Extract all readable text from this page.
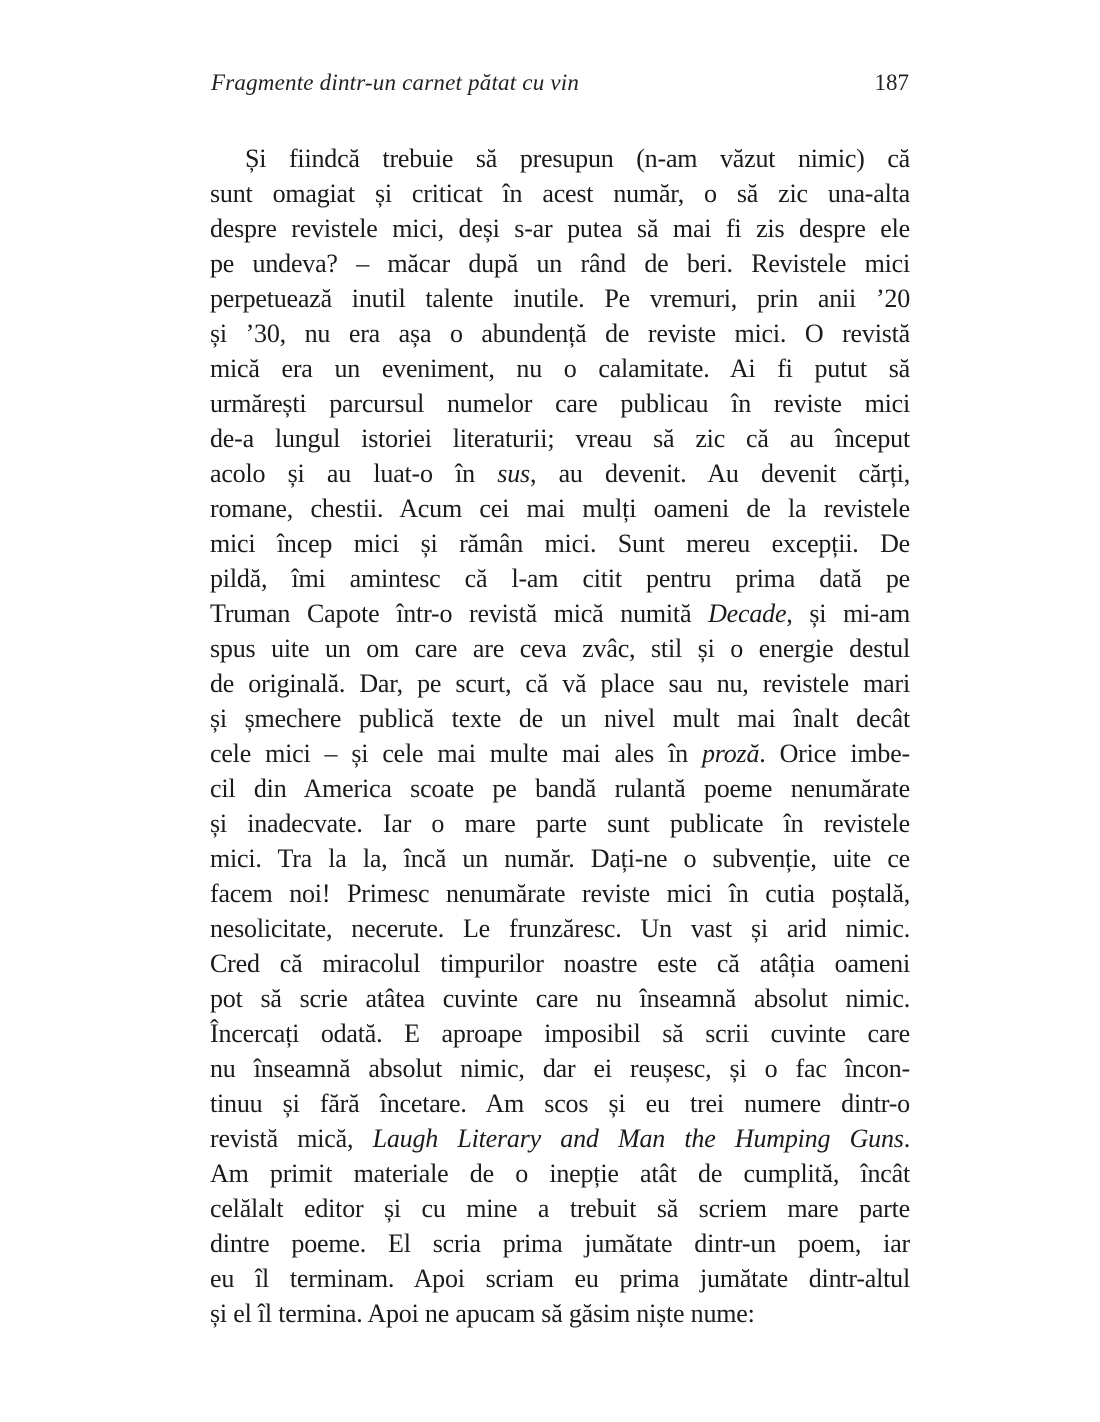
Fragmente dintr-un carnet pătat cu vin	187
Și fiindcă trebuie să presupun (n-am văzut nimic) că
sunt omagiat și criticat în acest număr, o să zic una-alta
despre revistele mici, deși s-ar putea să mai fi zis despre ele
pe undeva? – măcar după un rând de beri. Revistele mici
perpetuează inutil talente inutile. Pe vremuri, prin anii ’20
și ’30, nu era așa o abundență de reviste mici. O revistă
mică era un eveniment, nu o calamitate. Ai fi putut să
urmărești parcursul numelor care publicau în reviste mici
de-a lungul istoriei literaturii; vreau să zic că au început
acolo și au luat-o în sus, au devenit. Au devenit cărți,
romane, chestii. Acum cei mai mulți oameni de la revistele
mici încep mici și rămân mici. Sunt mereu excepții. De
pildă, îmi amintesc că l-am citit pentru prima dată pe
Truman Capote într-o revistă mică numită Decade, și mi-am
spus uite un om care are ceva zvâc, stil și o energie destul
de originală. Dar, pe scurt, că vă place sau nu, revistele mari
și șmechere publică texte de un nivel mult mai înalt decât
cele mici – și cele mai multe mai ales în proză. Orice imbe-
cil din America scoate pe bandă rulantă poeme nenumărate
și inadecvate. Iar o mare parte sunt publicate în revistele
mici. Tra la la, încă un număr. Dați-ne o subvenție, uite ce
facem noi! Primesc nenumărate reviste mici în cutia poștală,
nesolicitate, necerute. Le frunzăresc. Un vast și arid nimic.
Cred că miracolul timpurilor noastre este că atâția oameni
pot să scrie atâtea cuvinte care nu înseamnă absolut nimic.
Încercați odată. E aproape imposibil să scrii cuvinte care
nu înseamnă absolut nimic, dar ei reușesc, și o fac încon-
tinuu și fără încetare. Am scos și eu trei numere dintr-o
revistă mică, Laugh Literary and Man the Humping Guns.
Am primit materiale de o inepție atât de cumplită, încât
celălalt editor și cu mine a trebuit să scriem mare parte
dintre poeme. El scria prima jumătate dintr-un poem, iar
eu îl terminam. Apoi scriam eu prima jumătate dintr-altul
și el îl termina. Apoi ne apucam să găsim niște nume:
